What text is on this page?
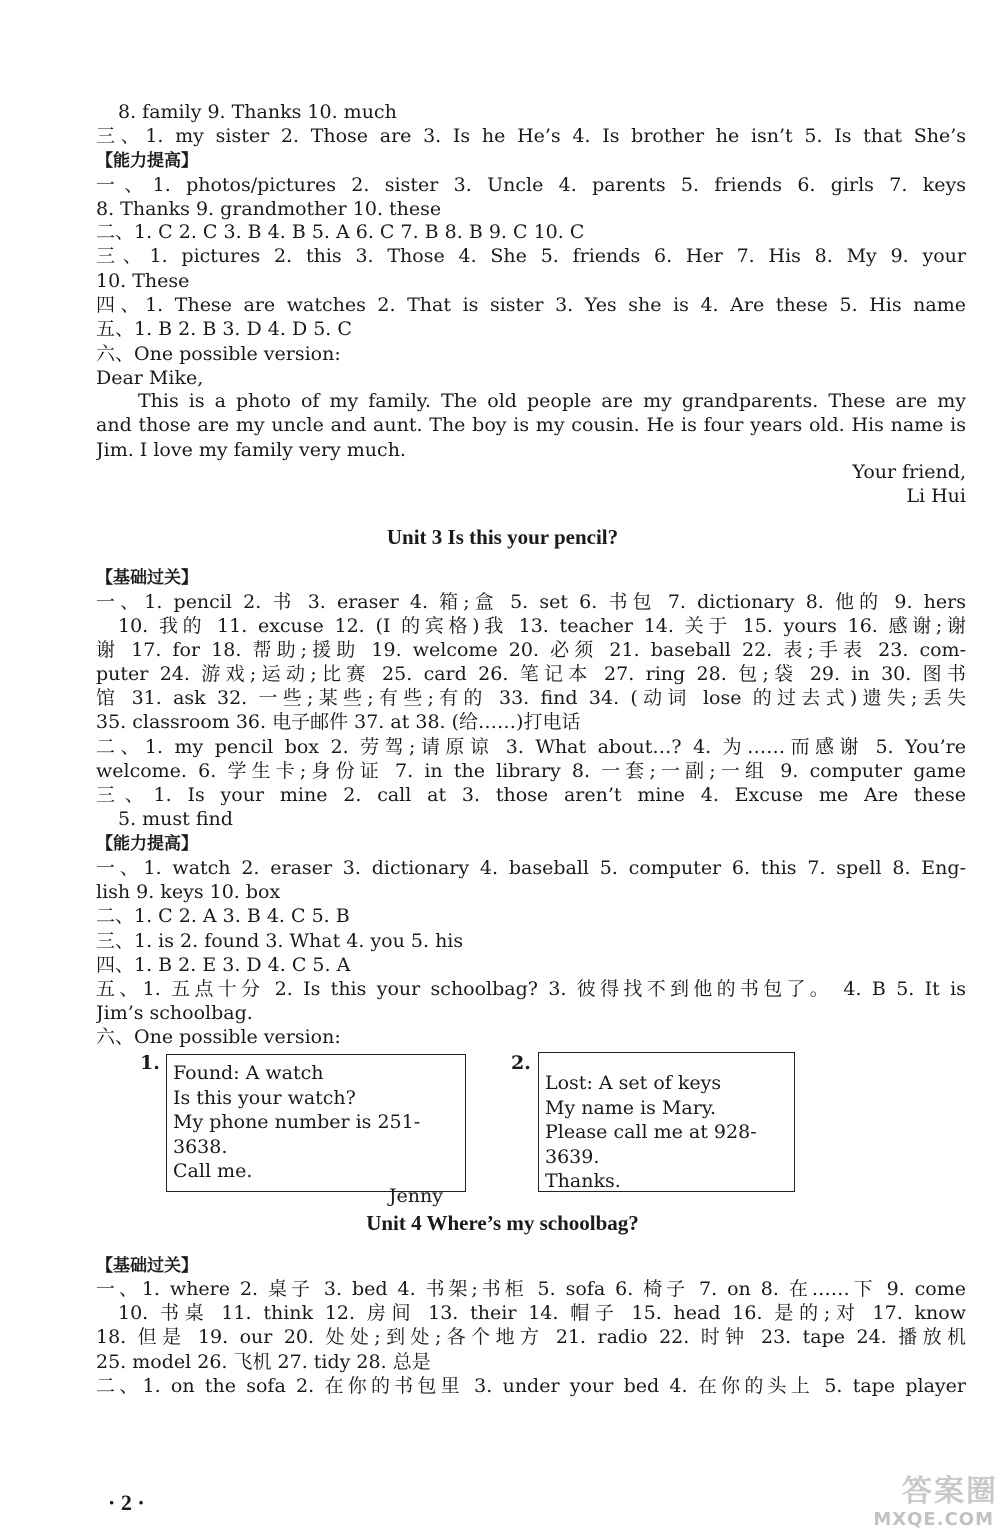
8. family 9. Thanks 10. much
三、1. my sister 2. Those are 3. Is he He’s 4. Is brother he isn’t 5. Is that She’s
【能力提高】
一、1. photos/pictures 2. sister 3. Uncle 4. parents 5. friends 6. girls 7. keys
8. Thanks 9. grandmother 10. these
二、1. C 2. C 3. B 4. B 5. A 6. C 7. B 8. B 9. C 10. C
三、1. pictures 2. this 3. Those 4. She 5. friends 6. Her 7. His 8. My 9. your
10. These
四、1. These are watches 2. That is sister 3. Yes she is 4. Are these 5. His name
五、1. B 2. B 3. D 4. D 5. C
六、One possible version:
Dear Mike,
This is a photo of my family. The old people are my grandparents. These are my
and those are my uncle and aunt. The boy is my cousin. He is four years old. His name is
Jim. I love my family very much.
Your friend,
Li Hui
Unit 3 Is this your pencil?
【基础过关】
一、1. pencil 2. 书 3. eraser 4. 箱;盒 5. set 6. 书包 7. dictionary 8. 他的 9. hers
10. 我的 11. excuse 12. (I 的宾格)我 13. teacher 14. 关于 15. yours 16. 感谢;谢
谢 17. for 18. 帮助;援助 19. welcome 20. 必须 21. baseball 22. 表;手表 23. com-
puter 24. 游戏;运动;比赛 25. card 26. 笔记本 27. ring 28. 包;袋 29. in 30. 图书
馆 31. ask 32. 一些;某些;有些;有的 33. find 34. (动词 lose 的过去式)遗失;丢失
35. classroom 36. 电子邮件 37. at 38. (给……)打电话
二、1. my pencil box 2. 劳驾;请原谅 3. What about…? 4. 为……而感谢 5. You’re
welcome. 6. 学生卡;身份证 7. in the library 8. 一套;一副;一组 9. computer game
三、1. Is your mine 2. call at 3. those aren’t mine 4. Excuse me Are these
5. must find
【能力提高】
一、1. watch 2. eraser 3. dictionary 4. baseball 5. computer 6. this 7. spell 8. Eng-
lish 9. keys 10. box
二、1. C 2. A 3. B 4. C 5. B
三、1. is 2. found 3. What 4. you 5. his
四、1. B 2. E 3. D 4. C 5. A
五、1. 五点十分 2. Is this your schoolbag? 3. 彼得找不到他的书包了。 4. B 5. It is
Jim’s schoolbag.
六、One possible version:
1. Found: A watch
Is this your watch?
My phone number is 251-3638.
Call me.
Jenny
2.
Lost: A set of keys
My name is Mary.
Please call me at 928-3639.
Thanks.
Unit 4 Where’s my schoolbag?
【基础过关】
一、1. where 2. 桌子 3. bed 4. 书架;书柜 5. sofa 6. 椅子 7. on 8. 在……下 9. come
10. 书桌 11. think 12. 房间 13. their 14. 帽子 15. head 16. 是的;对 17. know
18. 但是 19. our 20. 处处;到处;各个地方 21. radio 22. 时钟 23. tape 24. 播放机
25. model 26. 飞机 27. tidy 28. 总是
二、1. on the sofa 2. 在你的书包里 3. under your bed 4. 在你的头上 5. tape player
· 2 ·	答案圈
MXQE.COM
